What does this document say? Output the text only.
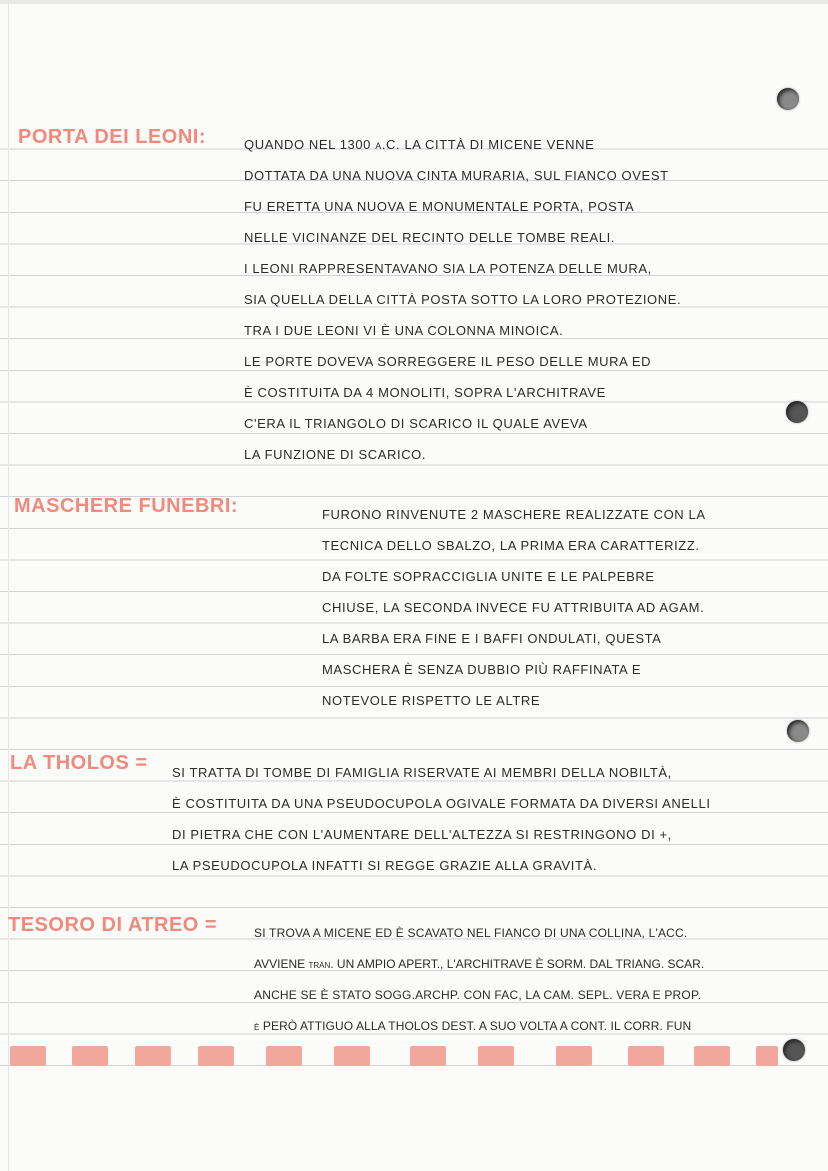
PORTA DEI LEONI:	QUANDO NEL 1300 a.C. LA CITTÀ DI MICENE VENNE
DOTTATA DA UNA NUOVA CINTA MURARIA, SUL FIANCO OVEST
FU ERETTA UNA NUOVA E MONUMENTALE PORTA, POSTA
NELLE VICINANZE DEL RECINTO DELLE TOMBE REALI.
I LEONI RAPPRESENTAVANO SIA LA POTENZA DELLE MURA,
SIA QUELLA DELLA CITTÀ POSTA SOTTO LA LORO PROTEZIONE.
TRA I DUE LEONI VI È UNA COLONNA MINOICA.
LE PORTE DOVEVA SORREGGERE IL PESO DELLE MURA ED
È COSTITUITA DA 4 MONOLITI, SOPRA L'ARCHITRAVE
C'ERA IL TRIANGOLO DI SCARICO IL QUALE AVEVA
LA FUNZIONE DI SCARICO.
MASCHERE FUNEBRI:	FURONO RINVENUTE 2 MASCHERE REALIZZATE CON LA
TECNICA DELLO SBALZO, LA PRIMA ERA CARATTERIZZ.
DA FOLTE SOPRACCIGLIA UNITE E LE PALPEBRE
CHIUSE, LA SECONDA INVECE FU ATTRIBUITA AD AGAM.
LA BARBA ERA FINE E I BAFFI ONDULATI, QUESTA
MASCHERA È SENZA DUBBIO PIÙ RAFFINATA E
NOTEVOLE RISPETTO LE ALTRE
LA THOLOS = SI TRATTA DI TOMBE DI FAMIGLIA RISERVATE AI MEMBRI DELLA NOBILTÀ,
È COSTITUITA DA UNA PSEUDOCUPOLA OGIVALE FORMATA DA DIVERSI ANELLI
DI PIETRA CHE CON L'AUMENTARE DELL'ALTEZZA SI RESTRINGONO DI +,
LA PSEUDOCUPOLA INFATTI SI REGGE GRAZIE ALLA GRAVITÀ.
TESORO DI ATREO =	SI TROVA A MICENE ED È SCAVATO NEL FIANCO DI UNA COLLINA, L'ACC.
AVVIENE tran. UN AMPIO APERT., L'ARCHITRAVE È SORM. DAL TRIANG. SCAR.
ANCHE SE È STATO SOGG.ARCHP. CON FAC, LA CAM. SEPL. VERA E PROP.
è PERÒ ATTIGUO ALLA THOLOS DEST. A SUO VOLTA A CONT. IL CORR. FUN
